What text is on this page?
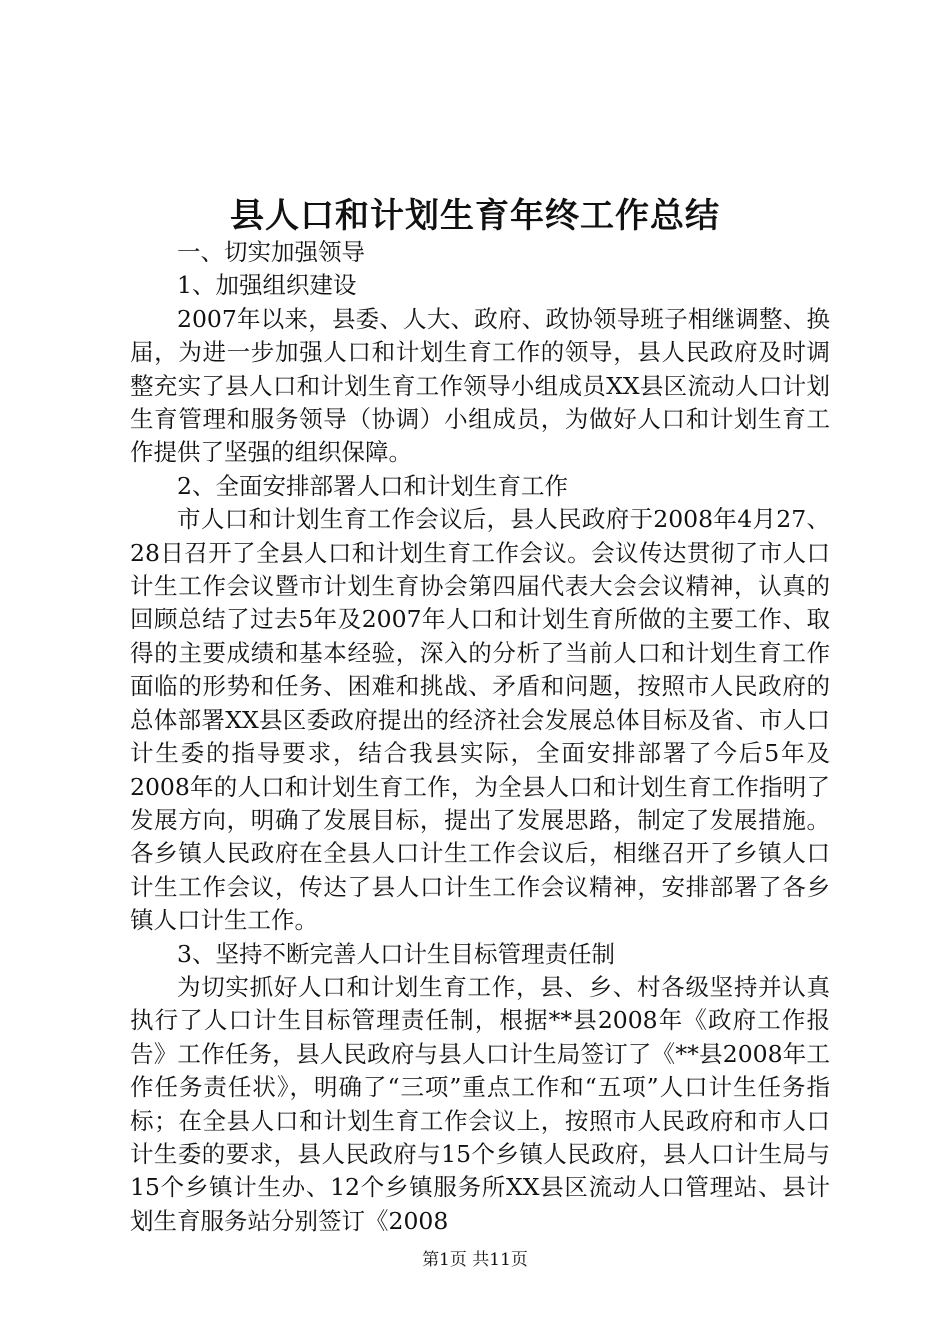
县人口和计划生育年终工作总结

一、切实加强领导

1、加强组织建设

2007年以来，县委、人大、政府、政协领导班子相继调整、换届，为进一步加强人口和计划生育工作的领导，县人民政府及时调整充实了县人口和计划生育工作领导小组成员XX县区流动人口计划生育管理和服务领导（协调）小组成员，为做好人口和计划生育工作提供了坚强的组织保障。

2、全面安排部署人口和计划生育工作

市人口和计划生育工作会议后，县人民政府于2008年4月27、28日召开了全县人口和计划生育工作会议。会议传达贯彻了市人口计生工作会议暨市计划生育协会第四届代表大会会议精神，认真的回顾总结了过去5年及2007年人口和计划生育所做的主要工作、取得的主要成绩和基本经验，深入的分析了当前人口和计划生育工作面临的形势和任务、困难和挑战、矛盾和问题，按照市人民政府的总体部署XX县区委政府提出的经济社会发展总体目标及省、市人口计生委的指导要求，结合我县实际，全面安排部署了今后5年及2008年的人口和计划生育工作，为全县人口和计划生育工作指明了发展方向，明确了发展目标，提出了发展思路，制定了发展措施。各乡镇人民政府在全县人口计生工作会议后，相继召开了乡镇人口计生工作会议，传达了县人口计生工作会议精神，安排部署了各乡镇人口计生工作。

3、坚持不断完善人口计生目标管理责任制

为切实抓好人口和计划生育工作，县、乡、村各级坚持并认真执行了人口计生目标管理责任制，根据**县2008年《政府工作报告》工作任务，县人民政府与县人口计生局签订了《**县2008年工作任务责任状》，明确了“三项”重点工作和“五项”人口计生任务指标；在全县人口和计划生育工作会议上，按照市人民政府和市人口计生委的要求，县人民政府与15个乡镇人民政府，县人口计生局与15个乡镇计生办、12个乡镇服务所XX县区流动人口管理站、县计划生育服务站分别签订《2008

第1页 共11页
